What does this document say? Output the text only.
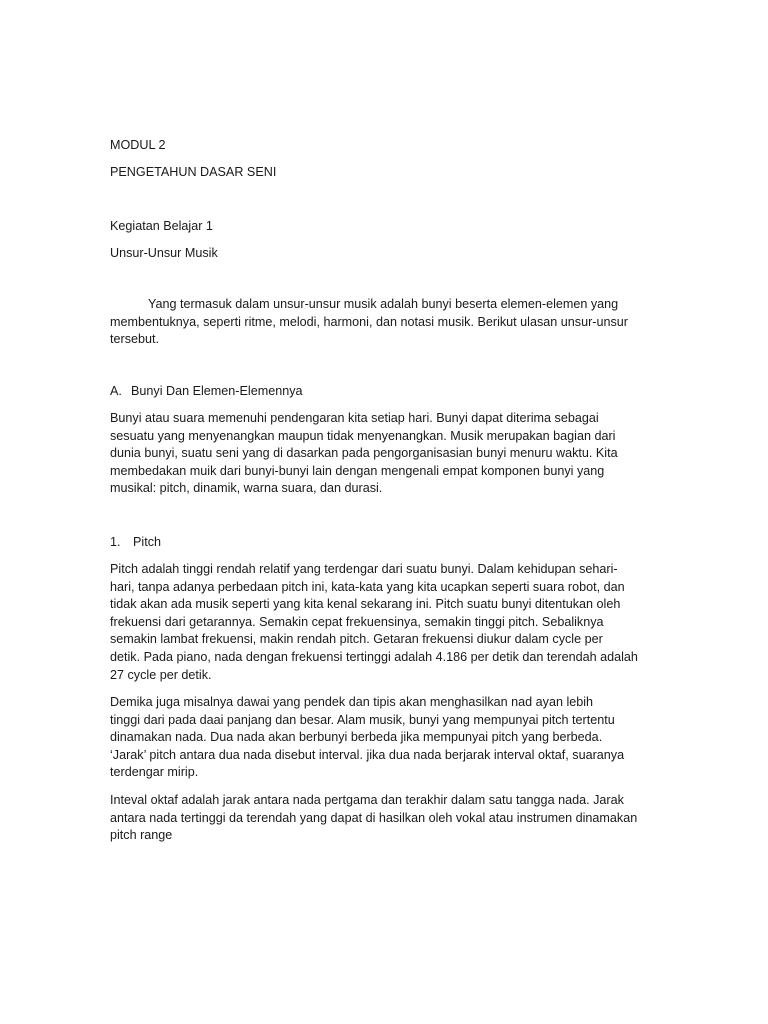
MODUL 2
PENGETAHUN DASAR SENI
Kegiatan Belajar 1
Unsur-Unsur Musik

Yang termasuk dalam unsur-unsur musik adalah bunyi beserta elemen-elemen yang

membentuknya, seperti ritme, melodi, harmoni, dan notasi musik. Berikut ulasan unsur-unsur

tersebut.

A. Bunyi Dan Elemen-Elemennya

Bunyi atau suara memenuhi pendengaran kita setiap hari. Bunyi dapat diterima sebagai

sesuatu yang menyenangkan maupun tidak menyenangkan. Musik merupakan bagian dari

dunia bunyi, suatu seni yang di dasarkan pada pengorganisasian bunyi menuru waktu. Kita

membedakan muik dari bunyi-bunyi lain dengan mengenali empat komponen bunyi yang

musikal: pitch, dinamik, warna suara, dan durasi.

1. Pitch

Pitch adalah tinggi rendah relatif yang terdengar dari suatu bunyi. Dalam kehidupan sehari-

hari, tanpa adanya perbedaan pitch ini, kata-kata yang kita ucapkan seperti suara robot, dan

tidak akan ada musik seperti yang kita kenal sekarang ini. Pitch suatu bunyi ditentukan oleh

frekuensi dari getarannya. Semakin cepat frekuensinya, semakin tinggi pitch. Sebaliknya

semakin lambat frekuensi, makin rendah pitch. Getaran frekuensi diukur dalam cycle per

detik. Pada piano, nada dengan frekuensi tertinggi adalah 4.186 per detik dan terendah adalah

27 cycle per detik.

Demika juga misalnya dawai yang pendek dan tipis akan menghasilkan nad ayan lebih

tinggi dari pada daai panjang dan besar. Alam musik, bunyi yang mempunyai pitch tertentu

dinamakan nada. Dua nada akan berbunyi berbeda jika mempunyai pitch yang berbeda.

‘Jarak’ pitch antara dua nada disebut interval. jika dua nada berjarak interval oktaf, suaranya

terdengar mirip.

Inteval oktaf adalah jarak antara nada pertgama dan terakhir dalam satu tangga nada. Jarak

antara nada tertinggi da terendah yang dapat di hasilkan oleh vokal atau instrumen dinamakan

pitch range
